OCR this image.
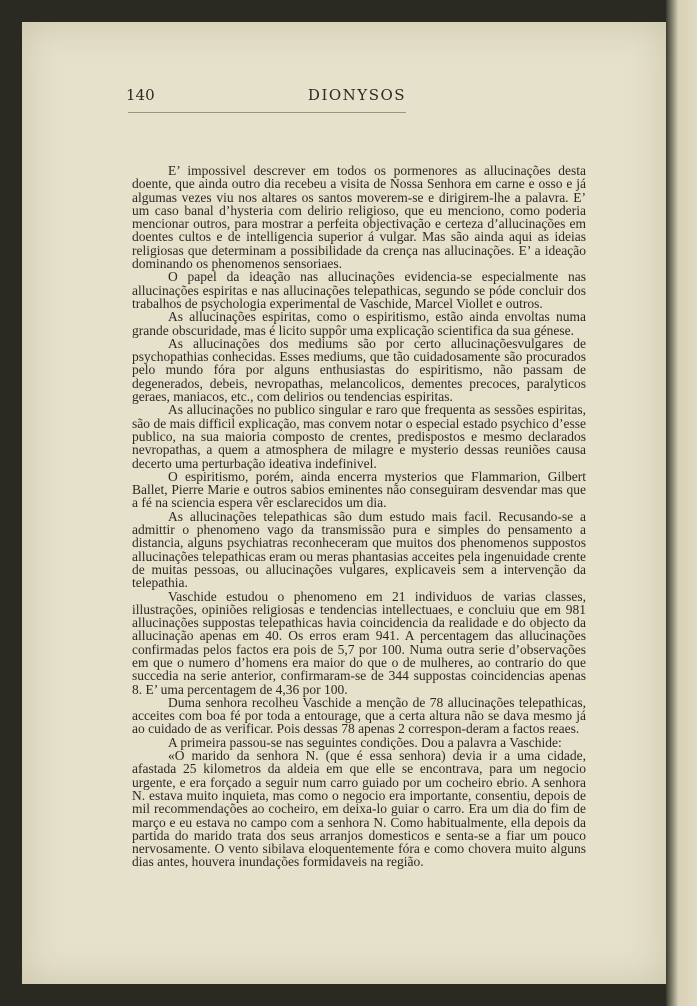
140	DIONYSOS

E’ impossivel descrever em todos os pormenores as allucinações desta doente, que ainda outro dia recebeu a visita de Nossa Senhora em carne e osso e já algumas vezes viu nos altares os santos moverem-se e dirigirem-lhe a palavra. E’ um caso banal d’hysteria com delirio religioso, que eu menciono, como poderia mencionar outros, para mostrar a perfeita objectivação e certeza d’allucinações em doentes cultos e de intelligencia superior á vulgar. Mas são ainda aqui as ideias religiosas que determinam a possibilidade da crença nas allucinações. E’ a ideação dominando os phenomenos sensoriaes.

O papel da ideação nas allucinações evidencia-se especialmente nas allucinações espiritas e nas allucinações telepathicas, segundo se póde concluir dos trabalhos de psychologia experimental de Vaschide, Marcel Viollet e outros.

As allucinações espiritas, como o espiritismo, estão ainda envoltas numa grande obscuridade, mas é licito suppôr uma explicação scientifica da sua génese.

As allucinações dos mediums são por certo allucinaçõesvulgares de psychopathias conhecidas. Esses mediums, que tão cuidadosamente são procurados pelo mundo fóra por alguns enthusiastas do espiritismo, não passam de degenerados, debeis, nevropathas, melancolicos, dementes precoces, paralyticos geraes, maniacos, etc., com delirios ou tendencias espiritas.

As allucinações no publico singular e raro que frequenta as sessões espiritas, são de mais difficil explicação, mas convem notar o especial estado psychico d’esse publico, na sua maioria composto de crentes, predispostos e mesmo declarados nevropathas, a quem a atmosphera de milagre e mysterio dessas reuniões causa decerto uma perturbação ideativa indefinivel.

O espiritismo, porém, ainda encerra mysterios que Flammarion, Gilbert Ballet, Pierre Marie e outros sabios eminentes não conseguiram desvendar mas que a fé na sciencia espera vêr esclarecidos um dia.

As allucinações telepathicas são dum estudo mais facil. Recusando-se a admittir o phenomeno vago da transmissão pura e simples do pensamento a distancia, alguns psychiatras reconheceram que muitos dos phenomenos suppostos allucinações telepathicas eram ou meras phantasias acceites pela ingenuidade crente de muitas pessoas, ou allucinações vulgares, explicaveis sem a intervenção da telepathia.

Vaschide estudou o phenomeno em 21 individuos de varias classes, illustrações, opiniões religiosas e tendencias intellectuaes, e concluiu que em 981 allucinações suppostas telepathicas havia coincidencia da realidade e do objecto da allucinação apenas em 40. Os erros eram 941. A percentagem das allucinações confirmadas pelos factos era pois de 5,7 por 100. Numa outra serie d’observações em que o numero d’homens era maior do que o de mulheres, ao contrario do que succedia na serie anterior, confirmaram-se de 344 suppostas coincidencias apenas 8. E’ uma percentagem de 4,36 por 100.

Duma senhora recolheu Vaschide a menção de 78 allucinações telepathicas, acceites com boa fé por toda a entourage, que a certa altura não se dava mesmo já ao cuidado de as verificar. Pois dessas 78 apenas 2 correspon-deram a factos reaes.

A primeira passou-se nas seguintes condições. Dou a palavra a Vaschide:

«O marido da senhora N. (que é essa senhora) devia ir a uma cidade, afastada 25 kilometros da aldeia em que elle se encontrava, para um negocio urgente, e era forçado a seguir num carro guiado por um cocheiro ebrio. A senhora N. estava muito inquieta, mas como o negocio era importante, consentiu, depois de mil recommendações ao cocheiro, em deixa-lo guiar o carro. Era um dia do fim de março e eu estava no campo com a senhora N. Como habitualmente, ella depois da partida do marido trata dos seus arranjos domesticos e senta-se a fiar um pouco nervosamente. O vento sibilava eloquentemente fóra e como chovera muito alguns dias antes, houvera inundações formidaveis na região.
